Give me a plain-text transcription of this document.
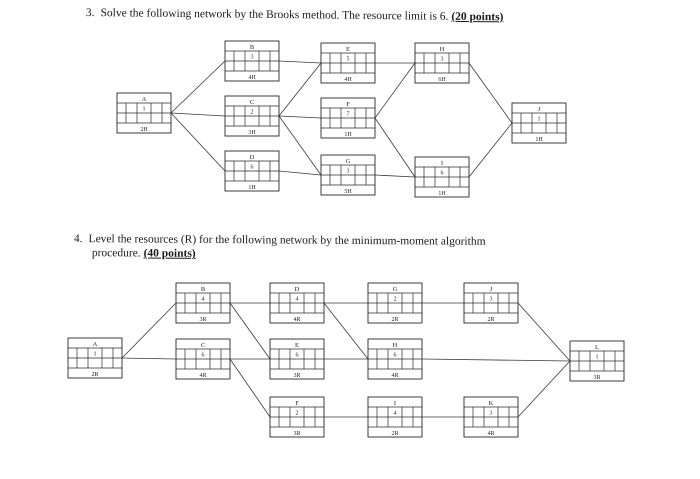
3. Solve the following network by the Brooks method. The resource limit is 6. (20 points)
4. Level the resources (R) for the following network by the minimum-moment algorithm
procedure. (40 points)
A
1
2H
B
3
4H
C
2
3H
D
6
1H
E
5
4H
F
7
1H
G
3
5H
H
3
6H
I
6
1H
J
1
1H
A
1
2R
B
4
3R
C
6
4R
D
4
4R
E
6
3R
F
2
3R
G
2
2R
H
6
4R
I
4
2R
J
3
2R
K
3
4R
L
1
3R
